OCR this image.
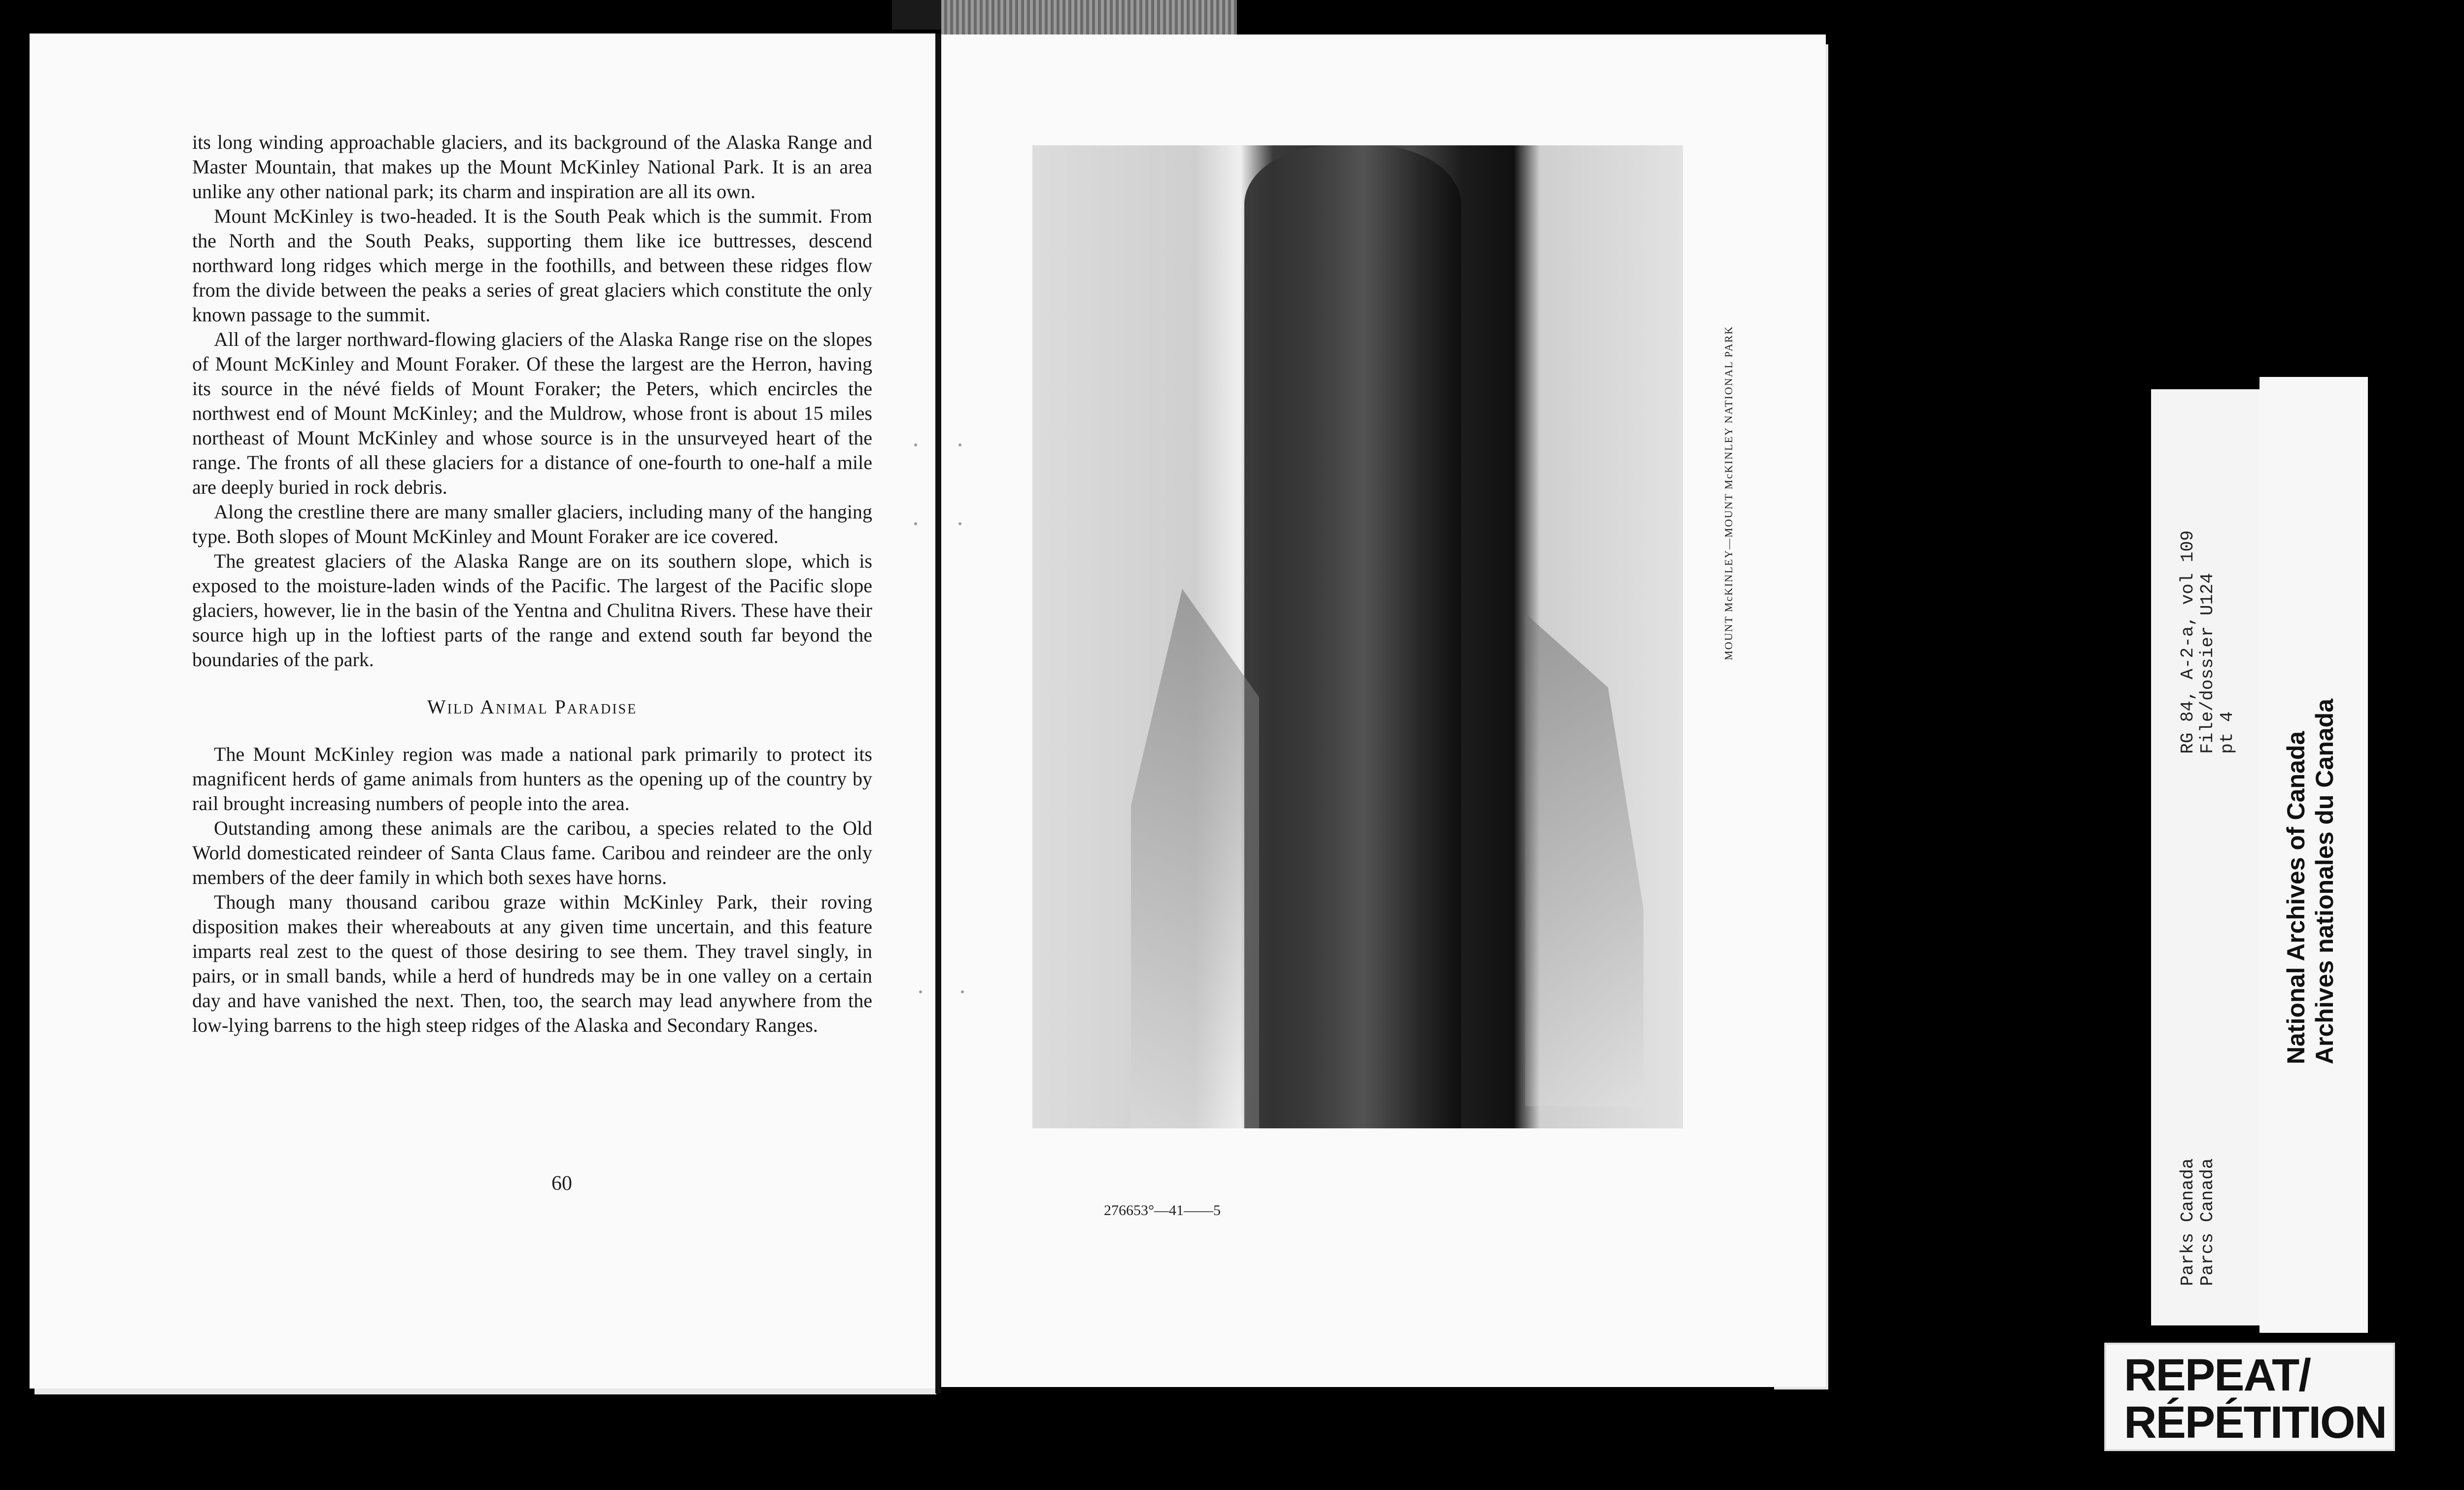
its long winding approachable glaciers, and its background of the Alaska Range and Master Mountain, that makes up the Mount McKinley National Park. It is an area unlike any other national park; its charm and inspiration are all its own.

Mount McKinley is two-headed. It is the South Peak which is the summit. From the North and the South Peaks, supporting them like ice buttresses, descend northward long ridges which merge in the foothills, and between these ridges flow from the divide between the peaks a series of great glaciers which constitute the only known passage to the summit.

All of the larger northward-flowing glaciers of the Alaska Range rise on the slopes of Mount McKinley and Mount Foraker. Of these the largest are the Herron, having its source in the névé fields of Mount Foraker; the Peters, which encircles the northwest end of Mount McKinley; and the Muldrow, whose front is about 15 miles northeast of Mount McKinley and whose source is in the unsurveyed heart of the range. The fronts of all these glaciers for a distance of one-fourth to one-half a mile are deeply buried in rock debris.

Along the crestline there are many smaller glaciers, including many of the hanging type. Both slopes of Mount McKinley and Mount Foraker are ice covered.

The greatest glaciers of the Alaska Range are on its southern slope, which is exposed to the moisture-laden winds of the Pacific. The largest of the Pacific slope glaciers, however, lie in the basin of the Yentna and Chulitna Rivers. These have their source high up in the loftiest parts of the range and extend south far beyond the boundaries of the park.

Wild Animal Paradise

The Mount McKinley region was made a national park primarily to protect its magnificent herds of game animals from hunters as the opening up of the country by rail brought increasing numbers of people into the area.

Outstanding among these animals are the caribou, a species related to the Old World domesticated reindeer of Santa Claus fame. Caribou and reindeer are the only members of the deer family in which both sexes have horns.

Though many thousand caribou graze within McKinley Park, their roving disposition makes their whereabouts at any given time uncertain, and this feature imparts real zest to the quest of those desiring to see them. They travel singly, in pairs, or in small bands, while a herd of hundreds may be in one valley on a certain day and have vanished the next. Then, too, the search may lead anywhere from the low-lying barrens to the high steep ridges of the Alaska and Secondary Ranges.

60
MOUNT McKINLEY—MOUNT McKINLEY NATIONAL PARK
276653°—41——5
RG 84, A-2-a, vol 109 File/dossier U124 pt 4
Parks Canada Parcs Canada
National Archives of Canada Archives nationales du Canada
REPEAT/
RÉPÉTITION
